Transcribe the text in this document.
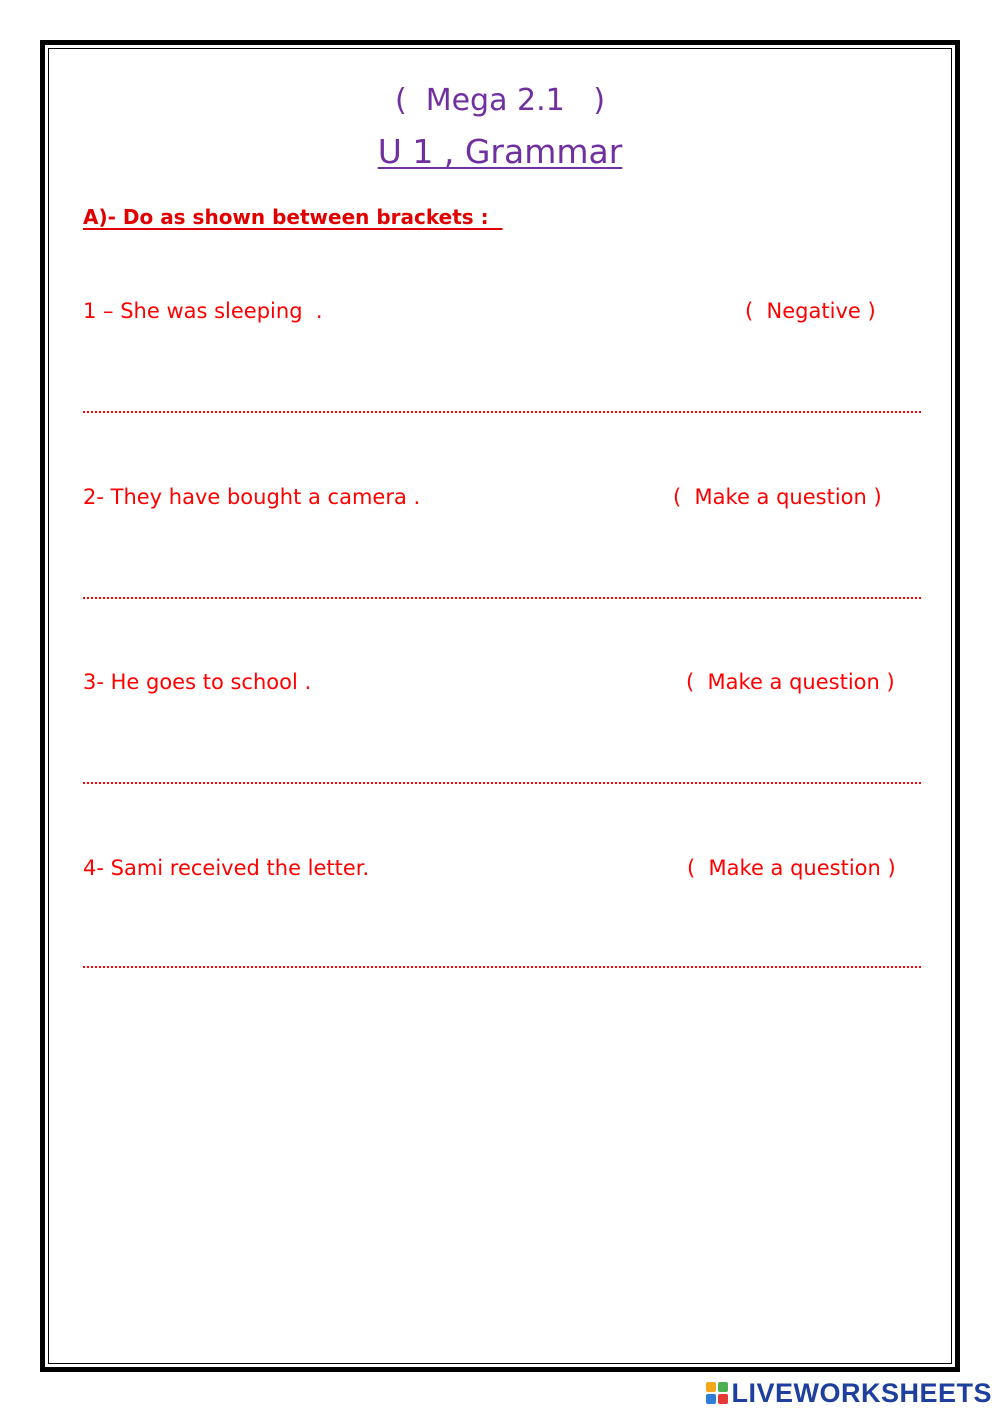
(  Mega 2.1   )
U 1 , Grammar
A)- Do as shown between brackets :
1 – She was sleeping  .	(  Negative )
2- They have bought a camera .	(  Make a question )
3- He goes to school .	(  Make a question )
4- Sami received the letter.	(  Make a question )
LIVEWORKSHEETS
